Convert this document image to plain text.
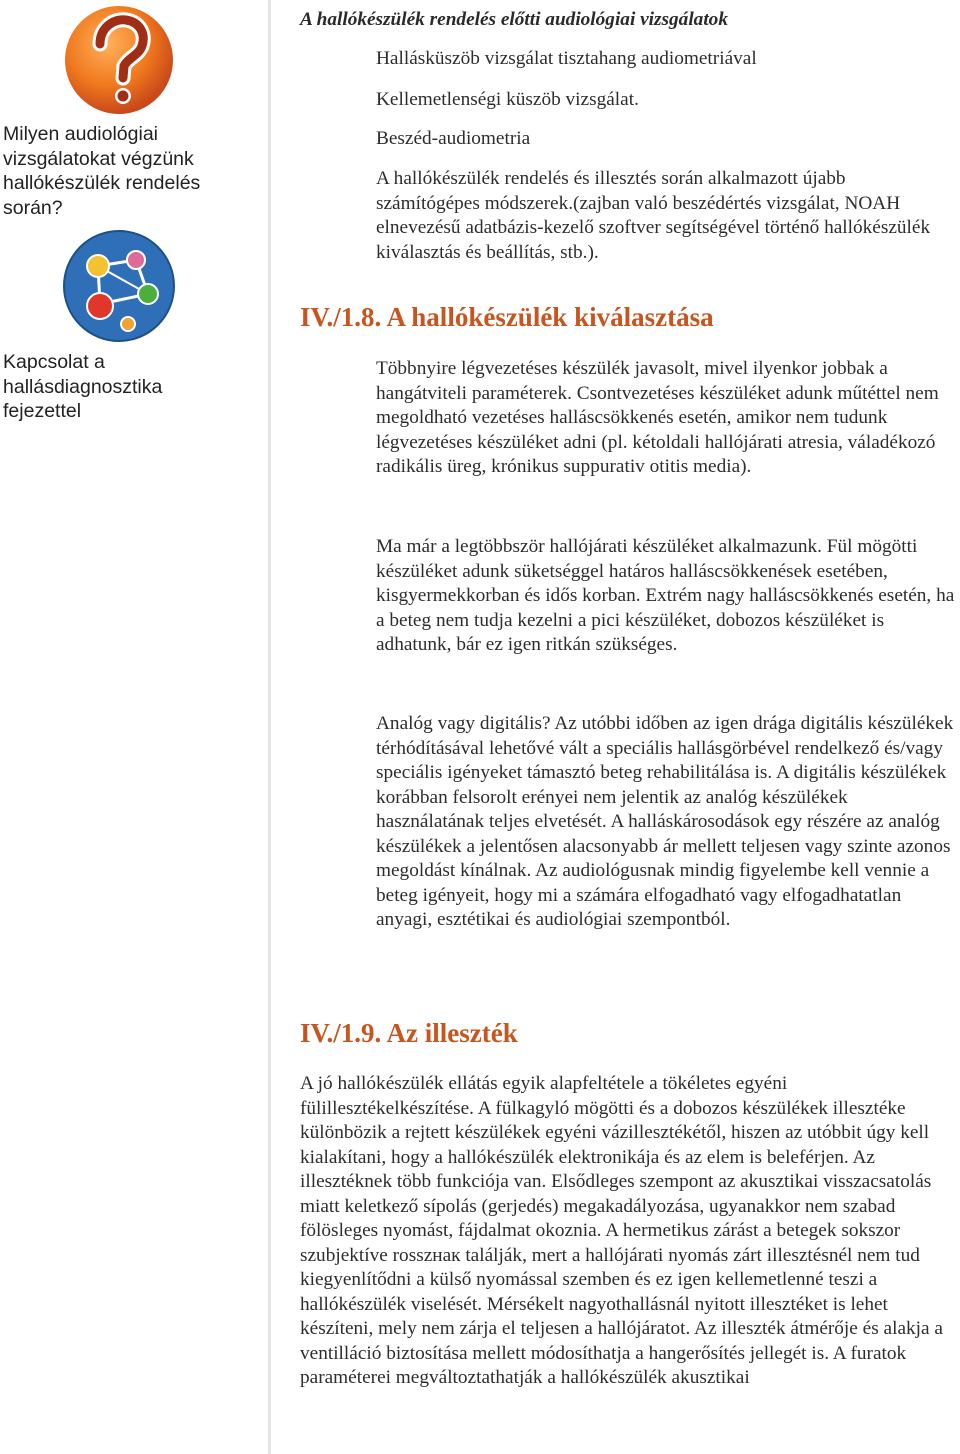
Milyen audiológiai vizsgálatokat végzünk hallókészülék rendelés során?
Kapcsolat a hallásdiagnosztika fejezettel

A hallókészülék rendelés előtti audiológiai vizsgálatok

Hallásküszöb vizsgálat tisztahang audiometriával

Kellemetlenségi küszöb vizsgálat.

Beszéd-audiometria

A hallókészülék rendelés és illesztés során alkalmazott újabb számítógépes módszerek.(zajban való beszédértés vizsgálat, NOAH elnevezésű adatbázis-kezelő szoftver segítségével történő hallókészülék kiválasztás és beállítás, stb.).

IV./1.8. A hallókészülék kiválasztása

Többnyire légvezetéses készülék javasolt, mivel ilyenkor jobbak a hangátviteli paraméterek. Csontvezetéses készüléket adunk műtéttel nem megoldható vezetéses halláscsökkenés esetén, amikor nem tudunk légvezetéses készüléket adni (pl. kétoldali hallójárati atresia, váladékozó radikális üreg, krónikus suppurativ otitis media).

Ma már a legtöbbször hallójárati készüléket alkalmazunk. Fül mögötti készüléket adunk süketséggel határos halláscsökkenések esetében, kisgyermekkorban és idős korban. Extrém nagy halláscsökkenés esetén, ha a beteg nem tudja kezelni a pici készüléket, dobozos készüléket is adhatunk, bár ez igen ritkán szükséges.

Analóg vagy digitális? Az utóbbi időben az igen drága digitális készülékek térhódításával lehetővé vált a speciális hallásgörbével rendelkező és/vagy speciális igényeket támasztó beteg rehabilitálása is. A digitális készülékek korábban felsorolt erényei nem jelentik az analóg készülékek használatának teljes elvetését. A halláskárosodások egy részére az analóg készülékek a jelentősen alacsonyabb ár mellett teljesen vagy szinte azonos megoldást kínálnak. Az audiológusnak mindig figyelembe kell vennie a beteg igényeit, hogy mi a számára elfogadható vagy elfogadhatatlan anyagi, esztétikai és audiológiai szempontból.

IV./1.9. Az illeszték

A jó hallókészülék ellátás egyik alapfeltétele a tökéletes egyéni fülillesztékelkészítése. A fülkagyló mögötti és a dobozos készülékek illesztéke különbözik a rejtett készülékek egyéni vázillesztékétől, hiszen az utóbbit úgy kell kialakítani, hogy a hallókészülék elektronikája és az elem is beleférjen. Az illesztéknek több funkciója van. Elsődleges szempont az akusztikai visszacsatolás miatt keletkező sípolás (gerjedés) megakadályozása, ugyanakkor nem szabad fölösleges nyomást, fájdalmat okoznia. A hermetikus zárást a betegek sokszor szubjektíve rosszнак találják, mert a hallójárati nyomás zárt illesztésnél nem tud kiegyenlítődni a külső nyomással szemben és ez igen kellemetlenné teszi a hallókészülék viselését. Mérsékelt nagyothallásnál nyitott illesztéket is lehet készíteni, mely nem zárja el teljesen a hallójáratot. Az illeszték átmérője és alakja a ventilláció biztosítása mellett módosíthatja a hangerősítés jellegét is. A furatok paraméterei megváltoztathatják a hallókészülék akusztikai
